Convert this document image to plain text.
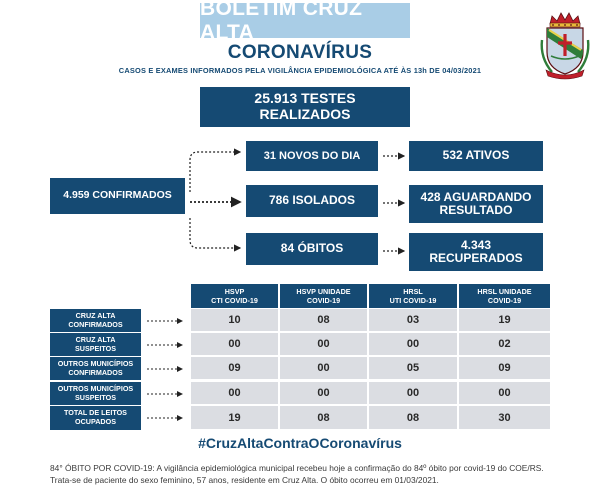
BOLETIM CRUZ ALTA
CORONAVÍRUS
CASOS E EXAMES INFORMADOS PELA VIGILÂNCIA EPIDEMIOLÓGICA ATÉ ÀS 13h DE 04/03/2021
25.913 TESTES
REALIZADOS
4.959 CONFIRMADOS
31 NOVOS DO DIA
786 ISOLADOS
84 ÓBITOS
532 ATIVOS
428 AGUARDANDO
RESULTADO
4.343
RECUPERADOS
HSVP
CTI COVID-19
HSVP UNIDADE
COVID-19
HRSL
UTI COVID-19
HRSL UNIDADE
COVID-19
CRUZ ALTA
CONFIRMADOS	10	08	03	19
CRUZ ALTA
SUSPEITOS	00	00	00	02
OUTROS MUNICÍPIOS
CONFIRMADOS	09	00	05	09
OUTROS MUNICÍPIOS
SUSPEITOS	00	00	00	00
TOTAL DE LEITOS
OCUPADOS	19	08	08	30
#CruzAltaContraOCoronavírus
84° ÓBITO POR COVID-19: A vigilância epidemiológica municipal recebeu hoje a confirmação do 84º óbito por covid-19 do COE/RS.
Trata-se de paciente do sexo feminino, 57 anos, residente em Cruz Alta. O óbito ocorreu em 01/03/2021.
